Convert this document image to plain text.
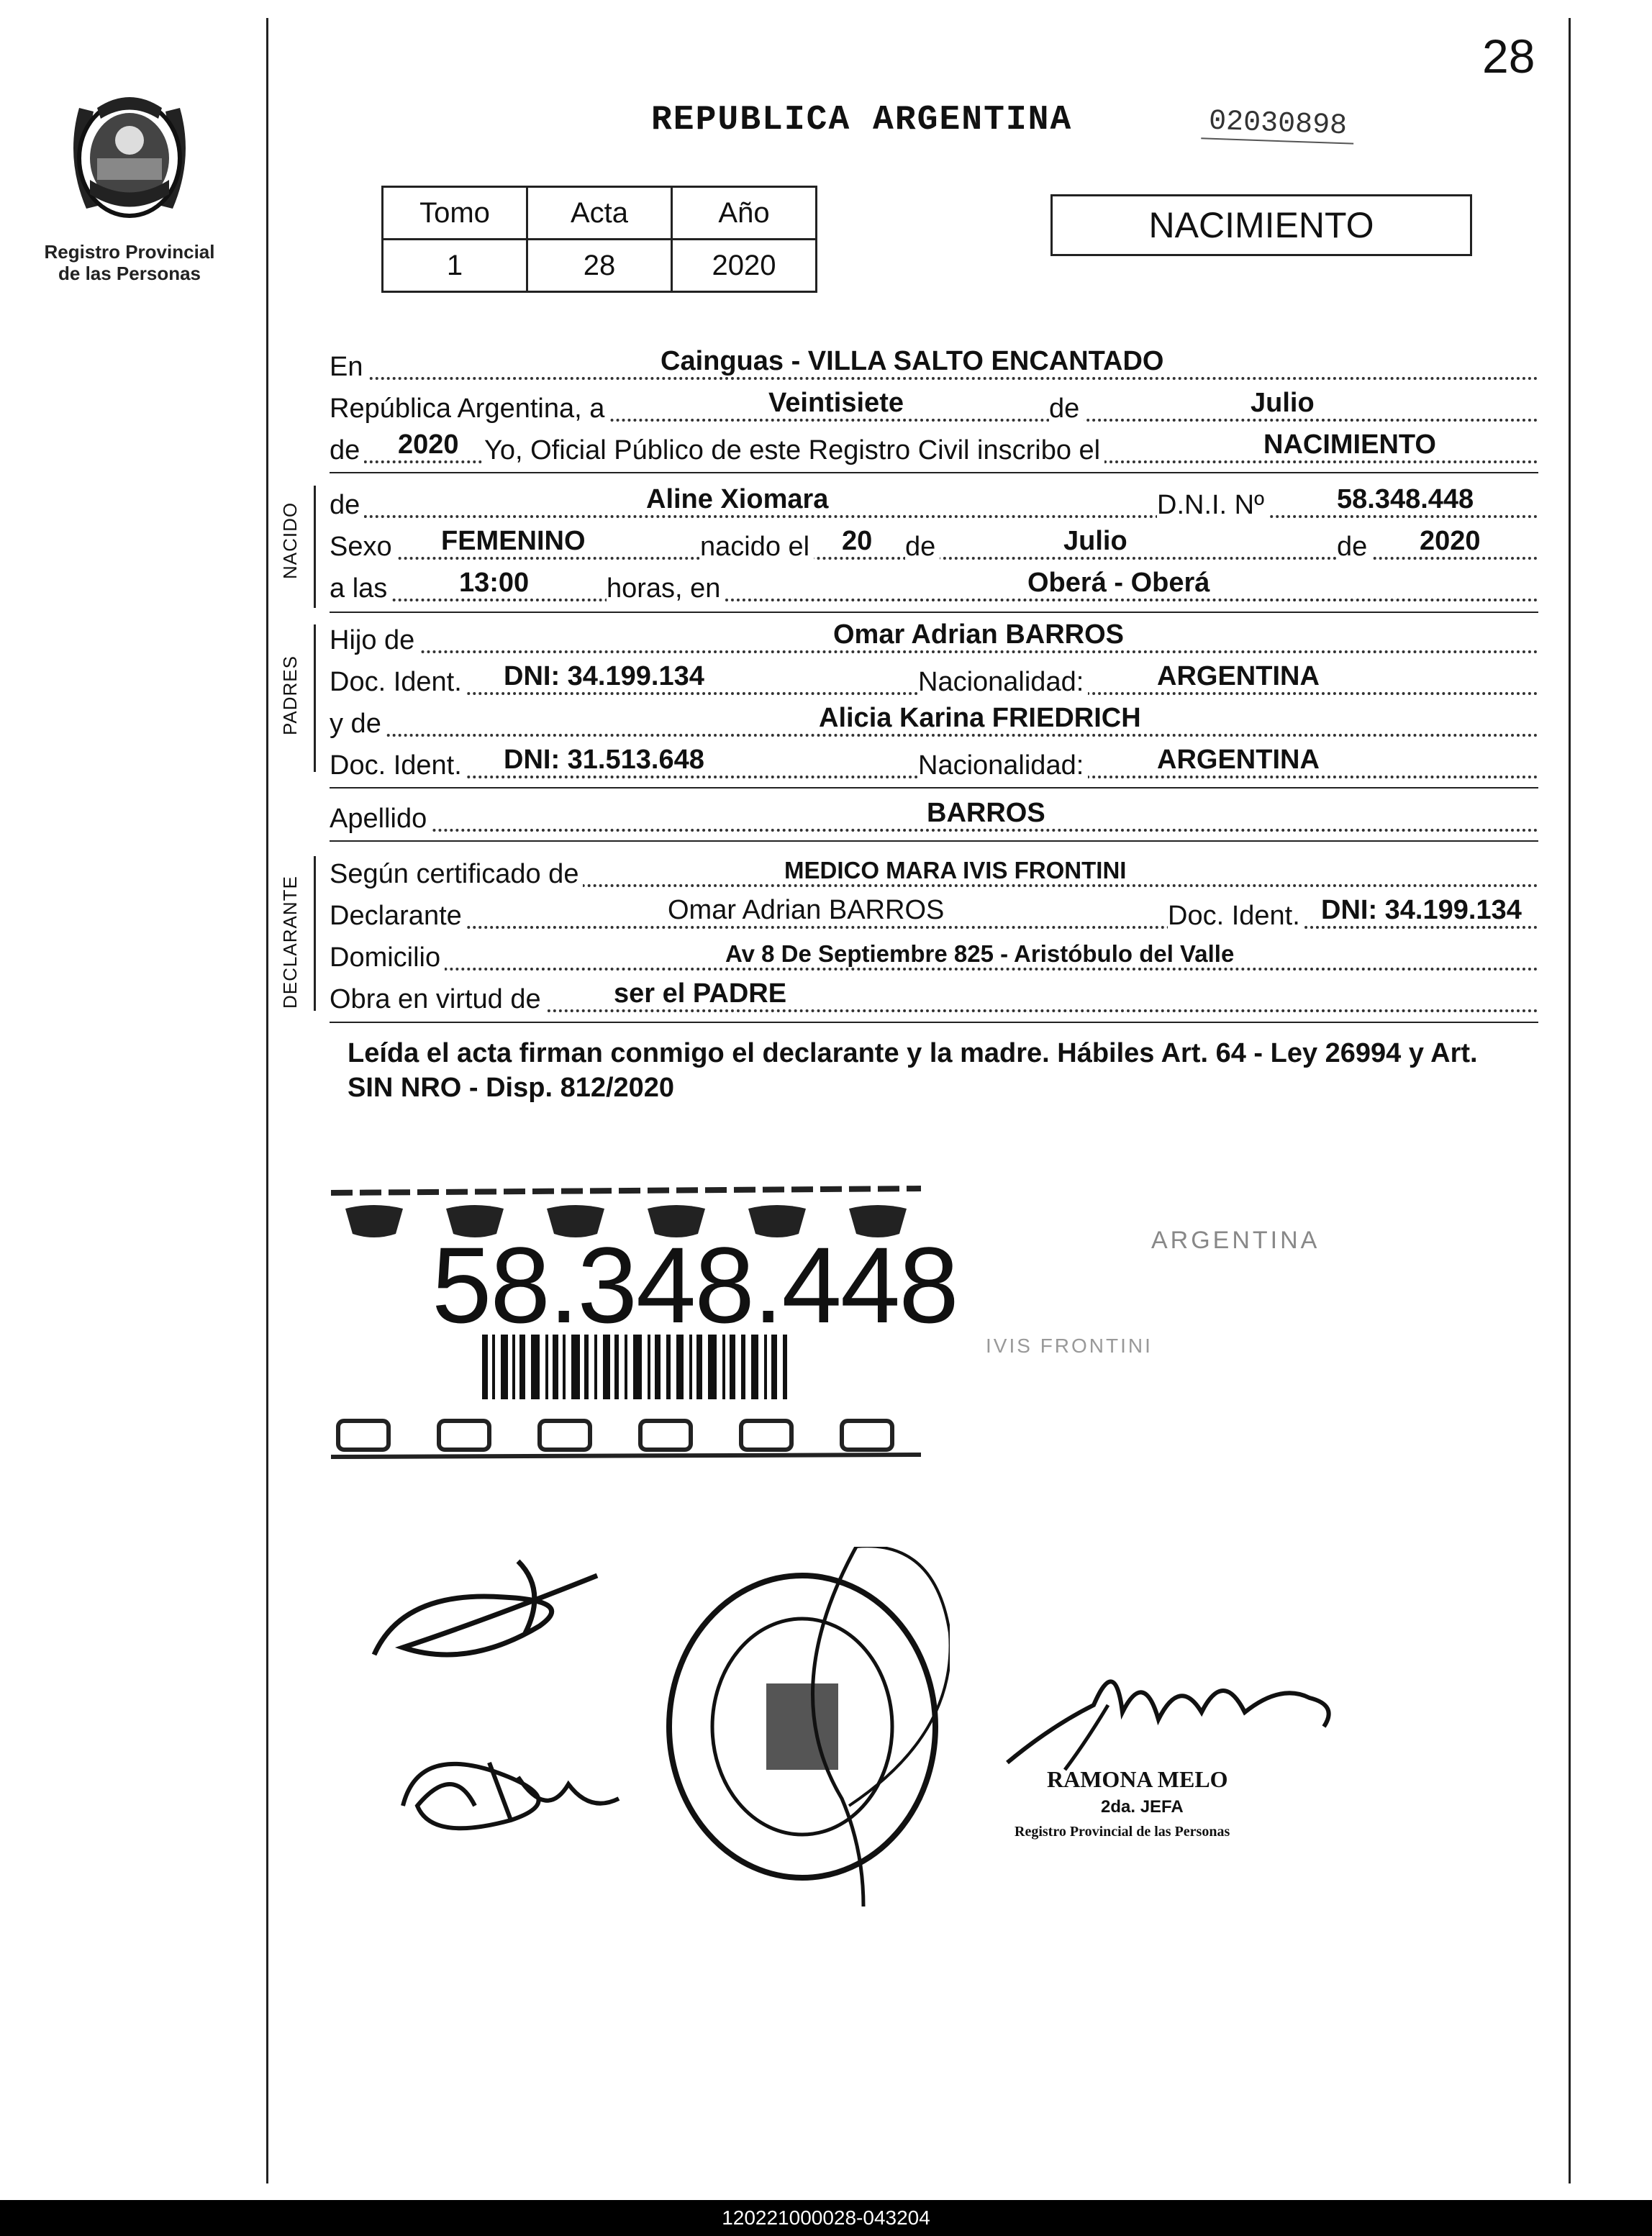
28
Registro Provincial
de las Personas
REPUBLICA ARGENTINA	02030898
Tomo	Acta	Año
1	28	2020
NACIMIENTO
En	Cainguas - VILLA SALTO ENCANTADO
República Argentina, a	Veintisiete	de	Julio
de 2020 Yo, Oficial Público de este Registro Civil inscribo el	NACIMIENTO
NACIDO de	Aline Xiomara	D.N.I. Nº	58.348.448
Sexo FEMENINO	nacido el 20 de	Julio	de 2020
a las	13:00	horas, en	Oberá - Oberá
PADRES
Hijo de	Omar Adrian BARROS
Doc. Ident. DNI: 34.199.134	Nacionalidad:	ARGENTINA
y de	Alicia Karina FRIEDRICH
Doc. Ident. DNI: 31.513.648	Nacionalidad:	ARGENTINA
Apellido	BARROS
DECLARANTE
Según certificado de	MEDICO MARA IVIS FRONTINI
Declarante	Omar Adrian BARROS	Doc. Ident. DNI: 34.199.134
Domicilio	Av 8 De Septiembre 825 - Aristóbulo del Valle
Obra en virtud de	ser el PADRE
Leída el acta firman conmigo el declarante y la madre. Hábiles Art. 64 - Ley 26994 y Art. SIN NRO - Disp. 812/2020
ARGENTINA
IVIS FRONTINI
58.348.448
RAMONA MELO
2da. JEFA
Registro Provincial de las Personas
120221000028-043204
